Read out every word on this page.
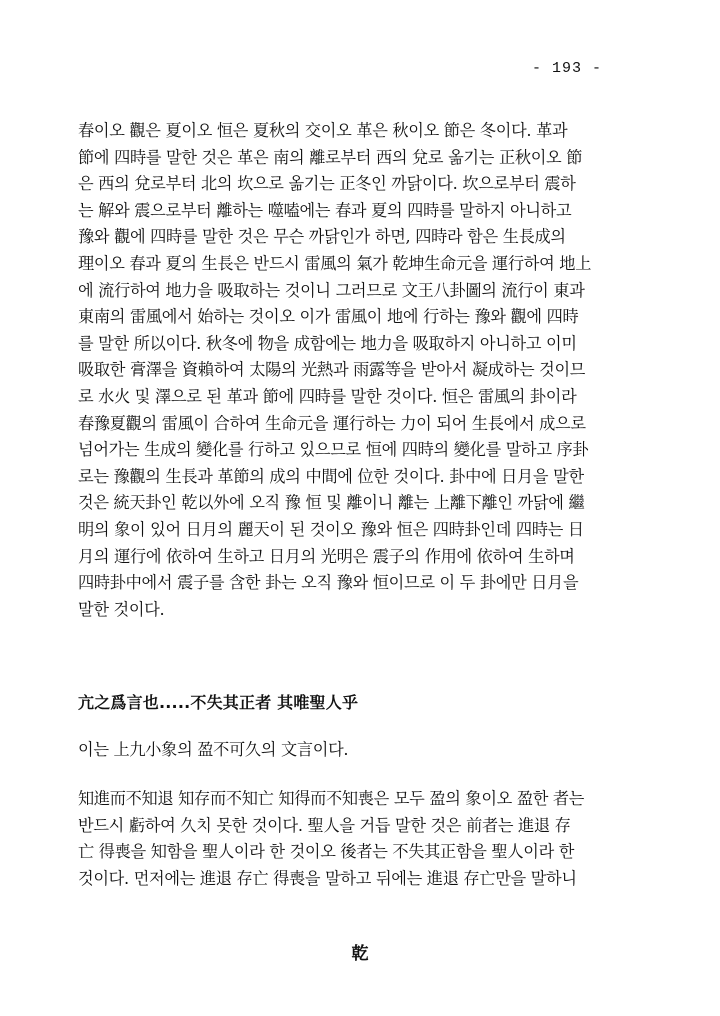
- 193 -

春이오 觀은 夏이오 恒은 夏秋의 交이오 革은 秋이오 節은 冬이다. 革과

節에 四時를 말한 것은 革은 南의 離로부터 西의 兌로 옮기는 正秋이오 節

은 西의 兌로부터 北의 坎으로 옮기는 正冬인 까닭이다. 坎으로부터 震하

는 解와 震으로부터 離하는 噬嗑에는 春과 夏의 四時를 말하지 아니하고

豫와 觀에 四時를 말한 것은 무슨 까닭인가 하면, 四時라 함은 生長成의

理이오 春과 夏의 生長은 반드시 雷風의 氣가 乾坤生命元을 運行하여 地上

에 流行하여 地力을 吸取하는 것이니 그러므로 文王八卦圖의 流行이 東과

東南의 雷風에서 始하는 것이오 이가 雷風이 地에 行하는 豫와 觀에 四時

를 말한 所以이다. 秋冬에 物을 成함에는 地力을 吸取하지 아니하고 이미

吸取한 膏澤을 資賴하여 太陽의 光熱과 雨露等을 받아서 凝成하는 것이므

로 水火 및 澤으로 된 革과 節에 四時를 말한 것이다. 恒은 雷風의 卦이라

春豫夏觀의 雷風이 合하여 生命元을 運行하는 力이 되어 生長에서 成으로

넘어가는 生成의 變化를 行하고 있으므로 恒에 四時의 變化를 말하고 序卦

로는 豫觀의 生長과 革節의 成의 中間에 位한 것이다. 卦中에 日月을 말한

것은 統天卦인 乾以外에 오직 豫 恒 및 離이니 離는 上離下離인 까닭에 繼

明의 象이 있어 日月의 麗天이 된 것이오 豫와 恒은 四時卦인데 四時는 日

月의 運行에 依하여 生하고 日月의 光明은 震子의 作用에 依하여 生하며

四時卦中에서 震子를 含한 卦는 오직 豫와 恒이므로 이 두 卦에만 日月을

말한 것이다.

亢之爲言也.....不失其正者 其唯聖人乎

이는 上九小象의 盈不可久의 文言이다.

知進而不知退 知存而不知亡 知得而不知喪은 모두 盈의 象이오 盈한 者는

반드시 虧하여 久치 못한 것이다. 聖人을 거듭 말한 것은 前者는 進退 存

亡 得喪을 知함을 聖人이라 한 것이오 後者는 不失其正함을 聖人이라 한

것이다. 먼저에는 進退 存亡 得喪을 말하고 뒤에는 進退 存亡만을 말하니

乾
